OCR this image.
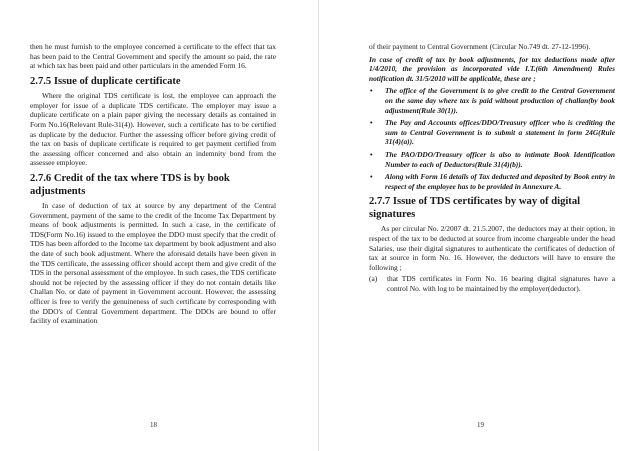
then he must furnish to the employee concerned a certificate to the effect that tax has been paid to the Central Government and specify the amount so paid, the rate at which tax has been paid and other particulars in the amended Form 16.

2.7.5 Issue of duplicate certificate

Where the original TDS certificate is lost, the employee can approach the employer for issue of a duplicate TDS certificate. The employer may issue a duplicate certificate on a plain paper giving the necessary details as contained in Form No.16(Relevant Rule-31(4)). However, such a certificate has to be certified as duplicate by the deductor. Further the assessing officer before giving credit of the tax on basis of duplicate certificate is required to get payment certified from the assessing officer concerned and also obtain an indemnity bond from the assessee employee.

2.7.6 Credit of the tax where TDS is by book adjustments

In case of deduction of tax at source by any department of the Central Government, payment of the same to the credit of the Income Tax Department by means of book adjustments is permitted. In such a case, in the certificate of TDS(Form No.16) issued to the employee the DDO must specify that the credit of TDS has been afforded to the Income tax department by book adjustment and also the date of such book adjustment. Where the aforesaid details have been given in the TDS certificate, the assessing officer should accept them and give credit of the TDS in the personal assessment of the employee. In such cases, the TDS certificate should not be rejected by the assessing officer if they do not contain details like Challan No. or date of payment in Government account. However, the assessing officer is free to verify the genuineness of such certificate by corresponding with the DDO's of Central Government department. The DDOs are bound to offer facility of examination

18

of their payment to Central Government (Circular No.749 dt. 27-12-1996).

In case of credit of tax by book adjustments, for tax deductions made after 1/4/2010, the provision as incorporated vide I.T.(6th Amendment) Rules notification dt. 31/5/2010 will be applicable, these are ;

• The office of the Government is to give credit to the Central Government on the same day where tax is paid without production of challan(by book adjustment(Rule 30(1)).
• The Pay and Accounts offices/DDO/Treasury officer who is crediting the sum to Central Government is to submit a statement in form 24G(Rule 31(4)(a)).
• The PAO/DDO/Treasury officer is also to intimate Book Identification Number to each of Deductors(Rule 31(4)(b)).
• Along with Form 16 details of Tax deducted and deposited by Book entry in respect of the employee has to be provided in Annexure A.
2.7.7 Issue of TDS certificates by way of digital signatures

As per circular No. 2/2007 dt. 21.5.2007, the deductors may at their option, in respect of the tax to be deducted at source from income chargeable under the head Salaries, use their digital signatures to authenticate the certificates of deduction of tax at source in form No. 16. However, the deductors will have to ensure the following ;

(a) that TDS certificates in Form No. 16 bearing digital signatures have a control No. with log to be maintained by the employer(deductor).
19
